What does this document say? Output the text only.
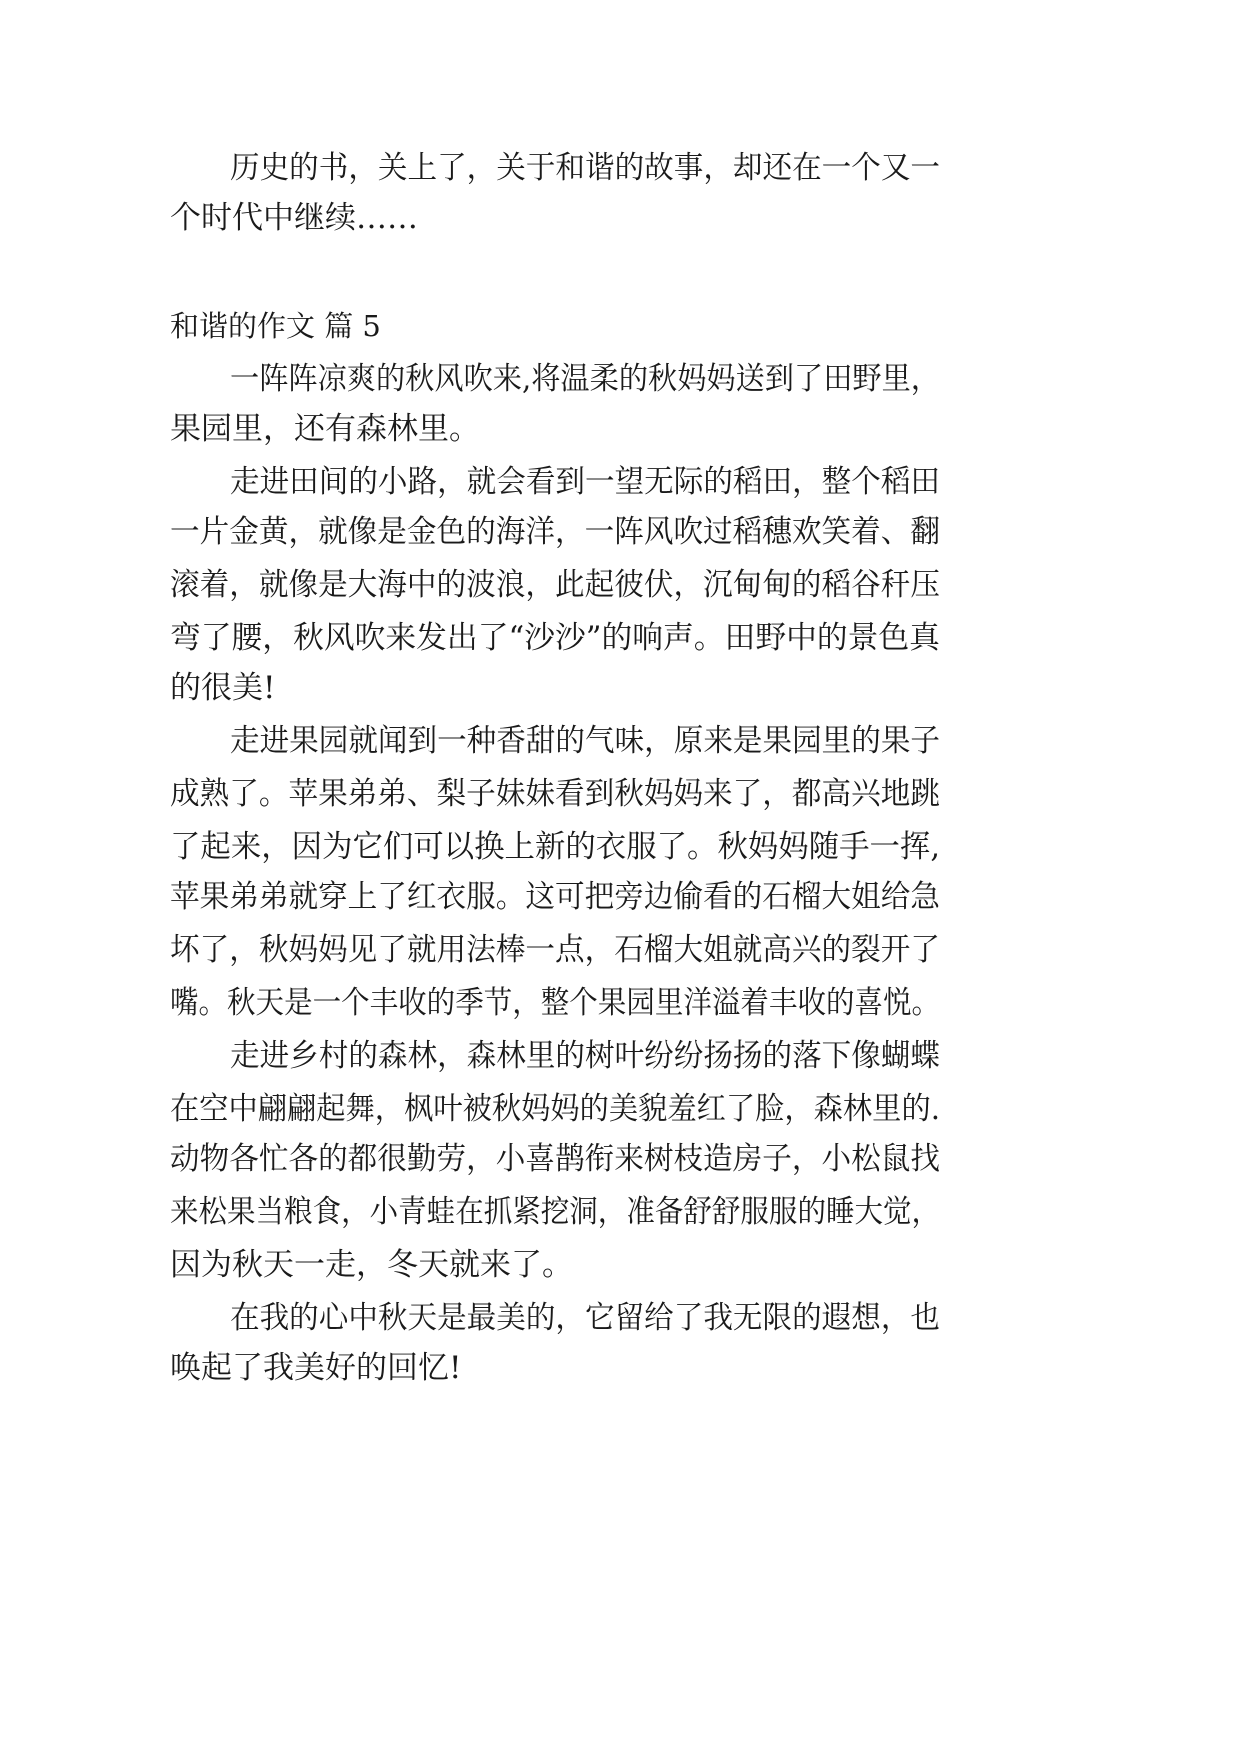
历史的书，关上了，关于和谐的故事，却还在一个又一
个时代中继续……
和谐的作文 篇 5
一阵阵凉爽的秋风吹来,将温柔的秋妈妈送到了田野里，
果园里，还有森林里。
走进田间的小路，就会看到一望无际的稻田，整个稻田
一片金黄，就像是金色的海洋，一阵风吹过稻穗欢笑着、翻
滚着，就像是大海中的波浪，此起彼伏，沉甸甸的稻谷秆压
弯了腰，秋风吹来发出了“沙沙”的响声。田野中的景色真
的很美!
走进果园就闻到一种香甜的气味，原来是果园里的果子
成熟了。苹果弟弟、梨子妹妹看到秋妈妈来了，都高兴地跳
了起来，因为它们可以换上新的衣服了。秋妈妈随手一挥,
苹果弟弟就穿上了红衣服。这可把旁边偷看的石榴大姐给急
坏了，秋妈妈见了就用法棒一点，石榴大姐就高兴的裂开了
嘴。秋天是一个丰收的季节，整个果园里洋溢着丰收的喜悦。
走进乡村的森林，森林里的树叶纷纷扬扬的落下像蝴蝶
在空中翩翩起舞，枫叶被秋妈妈的美貌羞红了脸，森林里的.
动物各忙各的都很勤劳，小喜鹊衔来树枝造房子，小松鼠找
来松果当粮食，小青蛙在抓紧挖洞，准备舒舒服服的睡大觉，
因为秋天一走，冬天就来了。
在我的心中秋天是最美的，它留给了我无限的遐想，也
唤起了我美好的回忆!
